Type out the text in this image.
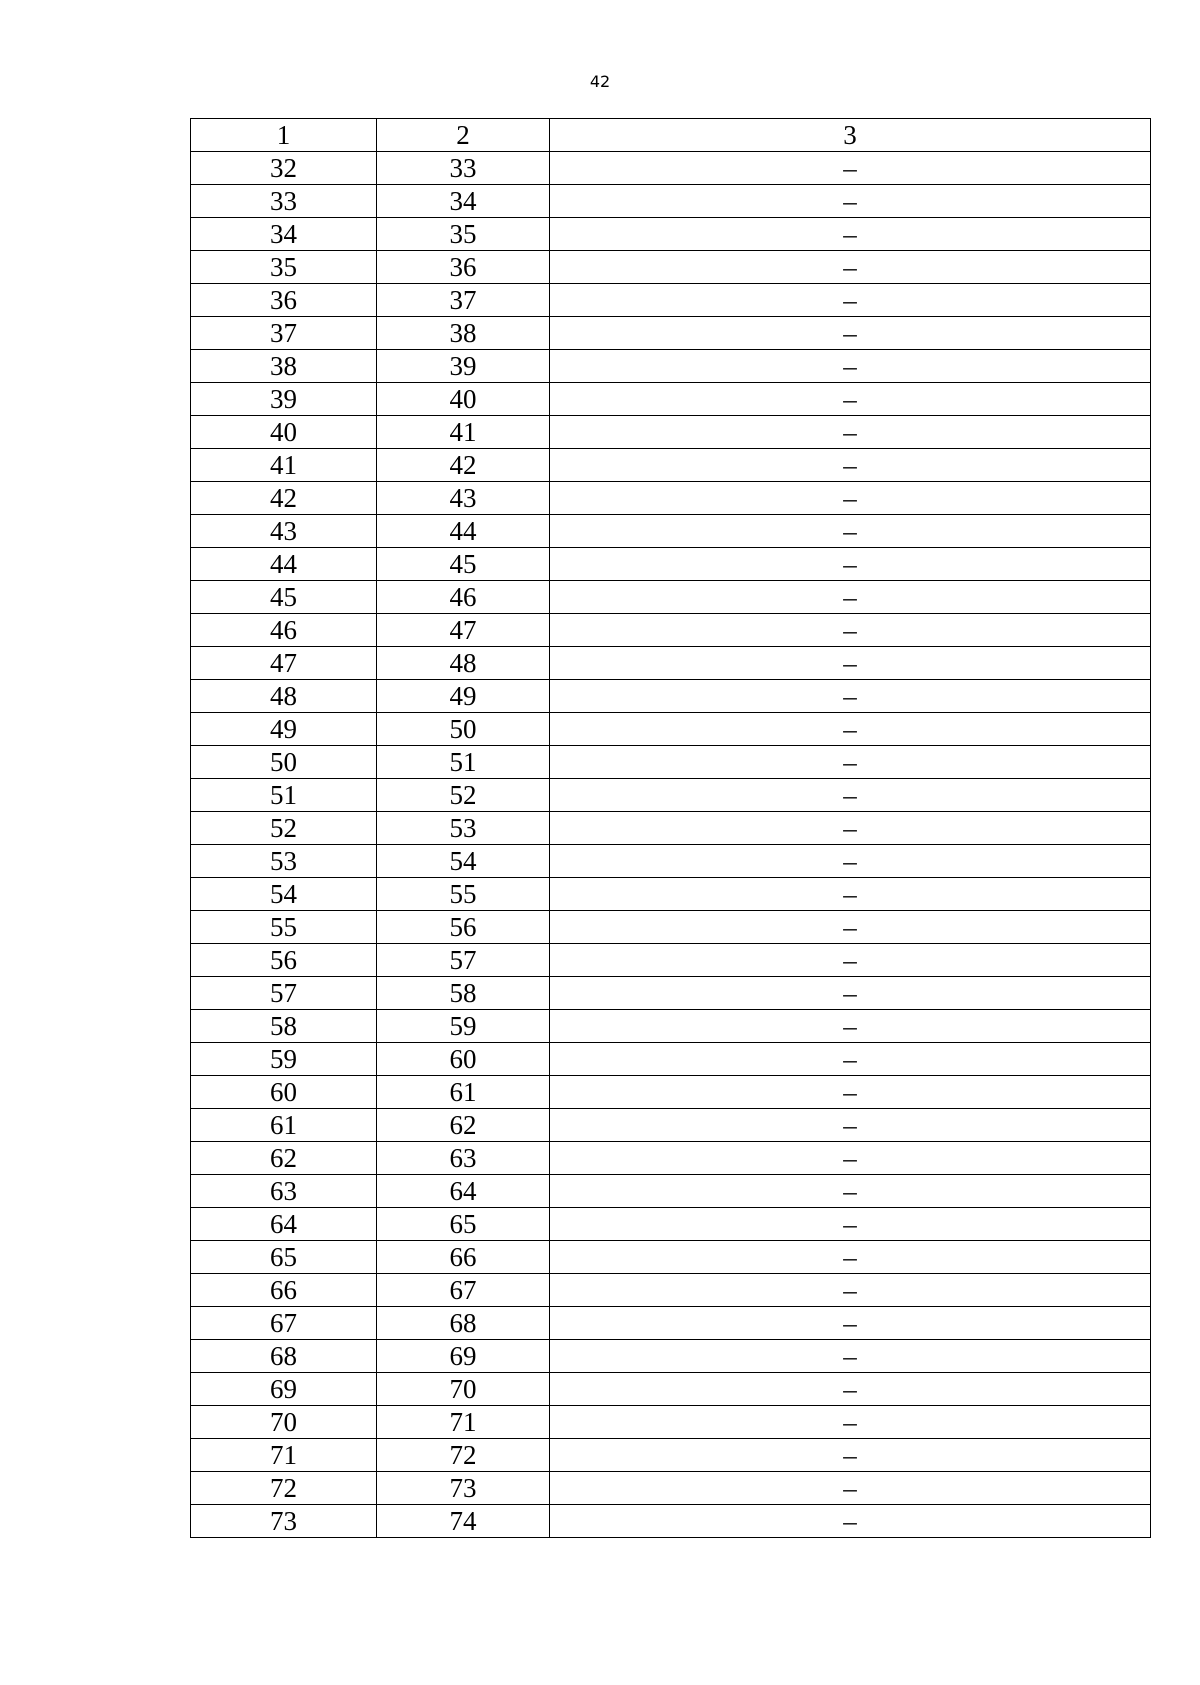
42
1	2	3
32	33	–
33	34	–
34	35	–
35	36	–
36	37	–
37	38	–
38	39	–
39	40	–
40	41	–
41	42	–
42	43	–
43	44	–
44	45	–
45	46	–
46	47	–
47	48	–
48	49	–
49	50	–
50	51	–
51	52	–
52	53	–
53	54	–
54	55	–
55	56	–
56	57	–
57	58	–
58	59	–
59	60	–
60	61	–
61	62	–
62	63	–
63	64	–
64	65	–
65	66	–
66	67	–
67	68	–
68	69	–
69	70	–
70	71	–
71	72	–
72	73	–
73	74	–
